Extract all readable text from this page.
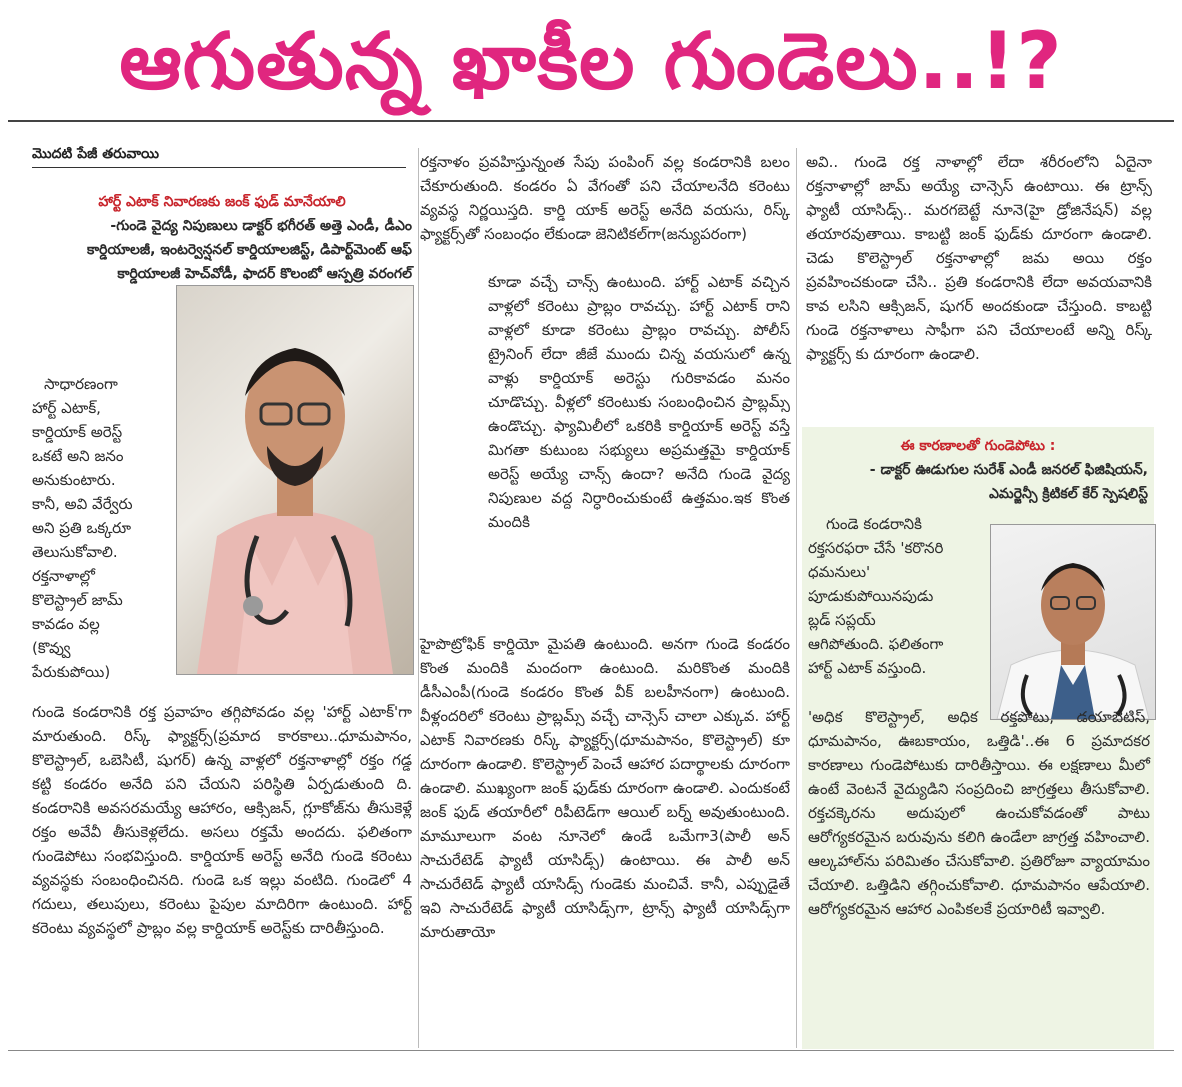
ఆగుతున్న ఖాకీల గుండెలు..!?
మొదటి పేజీ తరువాయి

హార్ట్ ఎటాక్ నివారణకు జంక్ ఫుడ్ మానేయాలి

-గుండె వైద్య నిపుణులు డాక్టర్ భగీరత్ అత్తె ఎండీ, డీఎం కార్డియాలజీ, ఇంటర్వెన్షనల్ కార్డియాలజిస్ట్, డిపార్ట్‌మెంట్ ఆఫ్ కార్డియాలజీ హెచ్‌వోడీ, ఫాదర్ కొలంబో ఆస్పత్రి వరంగల్

సాధారణంగా

హార్ట్ ఎటాక్,

కార్డియాక్ అరెస్ట్

ఒకటే అని జనం

అనుకుంటారు.

కానీ, అవి వేర్వేరు

అని ప్రతి ఒక్కరూ

తెలుసుకోవాలి.

రక్తనాళాల్లో

కొలెస్ట్రాల్ జామ్

కావడం వల్ల

(కొవ్వు

పేరుకుపోయి)

గుండె కండరానికి రక్త ప్రవాహం తగ్గిపోవడం వల్ల 'హార్ట్ ఎటాక్'గా మారుతుంది. రిస్క్ ఫ్యాక్టర్స్(ప్రమాద కారకాలు..ధూమపానం, కొలెస్ట్రాల్, ఒబెసిటీ, షుగర్) ఉన్న వాళ్లలో రక్తనాళాల్లో రక్తం గడ్డ కట్టి కండరం అనేది పని చేయని పరిస్థితి ఏర్పడుతుంది ది. కండరానికి అవసరమయ్యే ఆహారం, ఆక్సిజన్, గ్లూకోజ్‌ను తీసుకెళ్లే రక్తం అవేవీ తీసుకెళ్లలేదు. అసలు రక్తమే అందదు. ఫలితంగా గుండెపోటు సంభవిస్తుంది. కార్డియాక్ అరెస్ట్ అనేది గుండె కరెంటు వ్యవస్థకు సంబంధించినది. గుండె ఒక ఇల్లు వంటిది. గుండెలో 4 గదులు, తలుపులు, కరెంటు పైపుల మాదిరిగా ఉంటుంది. హార్ట్ కరెంటు వ్యవస్థలో ప్రాబ్లం వల్ల కార్డియాక్ అరెస్ట్‌కు దారితీస్తుంది.

రక్తనాళం ప్రవహిస్తున్నంత సేపు పంపింగ్ వల్ల కండరానికి బలం చేకూరుతుంది. కండరం ఏ వేగంతో పని చేయాలనేది కరెంటు వ్యవస్థ నిర్ణయిస్తది. కార్డి యాక్ అరెస్ట్ అనేది వయసు, రిస్క్ ఫ్యాక్టర్స్‌తో సంబంధం లేకుండా జెనిటికల్‌గా(జన్యుపరంగా)

కూడా వచ్చే చాన్స్ ఉంటుంది. హార్ట్ ఎటాక్ వచ్చిన వాళ్లలో కరెంటు ప్రాబ్లం రావచ్చు. హార్ట్ ఎటాక్ రాని వాళ్లలో కూడా కరెంటు ప్రాబ్లం రావచ్చు. పోలీస్ ట్రైనింగ్ లేదా జీజే ముందు చిన్న వయసులో ఉన్న వాళ్లు కార్డియాక్ అరెస్టు గురికావడం మనం చూడొచ్చు. వీళ్లలో కరెంటుకు సంబంధించిన ప్రాబ్లమ్స్ ఉండొచ్చు. ఫ్యామిలీలో ఒకరికి కార్డియాక్ అరెస్ట్ వస్తే మిగతా కుటుంబ సభ్యులు అప్రమత్తమై కార్డియాక్ అరెస్ట్ అయ్యే చాన్స్ ఉందా? అనేది గుండె వైద్య నిపుణుల వద్ద నిర్ధారించుకుంటే ఉత్తమం.ఇక కొంత మందికి

హైపొట్రోఫిక్ కార్డియో మైపతి ఉంటుంది. అనగా గుండె కండరం కొంత మందికి మందంగా ఉంటుంది. మరికొంత మందికి డీసీఎంపీ(గుండె కండరం కొంత వీక్ బలహీనంగా) ఉంటుంది. వీళ్లందరిలో కరెంటు ప్రాబ్లమ్స్ వచ్చే చాన్సెస్ చాలా ఎక్కువ. హార్ట్ ఎటాక్ నివారణకు రిస్క్ ఫ్యాక్టర్స్(ధూమపానం, కొలెస్ట్రాల్) కూ దూరంగా ఉండాలి. కొలెస్ట్రాల్ పెంచే ఆహార పదార్థాలకు దూరంగా ఉండాలి. ముఖ్యంగా జంక్ ఫుడ్‌కు దూరంగా ఉండాలి. ఎందుకంటే జంక్ ఫుడ్ తయారీలో రిపీటెడ్‌గా ఆయిల్ బర్న్ అవుతుంటుంది. మామూలుగా వంట నూనెలో ఉండే ఒమేగా3(పాలీ అన్ సాచురేటెడ్ ఫ్యాటీ యాసిడ్స్) ఉంటాయి. ఈ పాలీ అన్ సాచురేటెడ్ ఫ్యాటీ యాసిడ్స్ గుండెకు మంచివే. కానీ, ఎప్పుడైతే ఇవి సాచురేటెడ్ ఫ్యాటీ యాసిడ్స్‌గా, ట్రాన్స్ ఫ్యాటీ యాసిడ్స్‌గా మారుతాయో

అవి.. గుండె రక్త నాళాల్లో లేదా శరీరంలోని ఏదైనా రక్తనాళాల్లో జామ్ అయ్యే చాన్సెస్ ఉంటాయి. ఈ ట్రాన్స్ ఫ్యాటీ యాసిడ్స్.. మరగబెట్టే నూనె(హై డ్రోజినేషన్) వల్ల తయారవుతాయి. కాబట్టి జంక్ ఫుడ్‌కు దూరంగా ఉండాలి. చెడు కొలెస్ట్రాల్ రక్తనాళాల్లో జమ అయి రక్తం ప్రవహించకుండా చేసి.. ప్రతి కండరానికి లేదా అవయవానికి కావ లసిని ఆక్సిజన్, షుగర్ అందకుండా చేస్తుంది. కాబట్టి గుండె రక్తనాళాలు సాఫీగా పని చేయాలంటే అన్ని రిస్క్ ఫ్యాక్టర్స్ కు దూరంగా ఉండాలి.

ఈ కారణాలతో గుండెపోటు :

- డాక్టర్ ఊడుగుల సురేశ్ ఎండీ జనరల్ ఫిజిషియన్, ఎమర్జెన్సీ క్రిటికల్ కేర్ స్పెషలిస్ట్

గుండె కండరానికి

రక్తసరఫరా చేసే 'కరొనరి

ధమనులు'

పూడుకుపోయినపుడు

బ్లడ్ సప్లయ్

ఆగిపోతుంది. ఫలితంగా

హార్ట్ ఎటాక్ వస్తుంది.

'అధిక కొలెస్ట్రాల్, అధిక రక్తపోటు, డయాబెటిస్, ధూమపానం, ఊబకాయం, ఒత్తిడి'..ఈ 6 ప్రమాదకర కారణాలు గుండెపోటుకు దారితీస్తాయి. ఈ లక్షణాలు మీలో ఉంటే వెంటనే వైద్యుడిని సంప్రదించి జాగ్రత్తలు తీసుకోవాలి. రక్తచక్కెరను అదుపులో ఉంచుకోవడంతో పాటు ఆరోగ్యకరమైన బరువును కలిగి ఉండేలా జాగ్రత్త వహించాలి. ఆల్కహాల్‌ను పరిమితం చేసుకోవాలి. ప్రతిరోజూ వ్యాయామం చేయాలి. ఒత్తిడిని తగ్గించుకోవాలి. ధూమపానం ఆపేయాలి. ఆరోగ్యకరమైన ఆహార ఎంపికలకే ప్రయారిటీ ఇవ్వాలి.
